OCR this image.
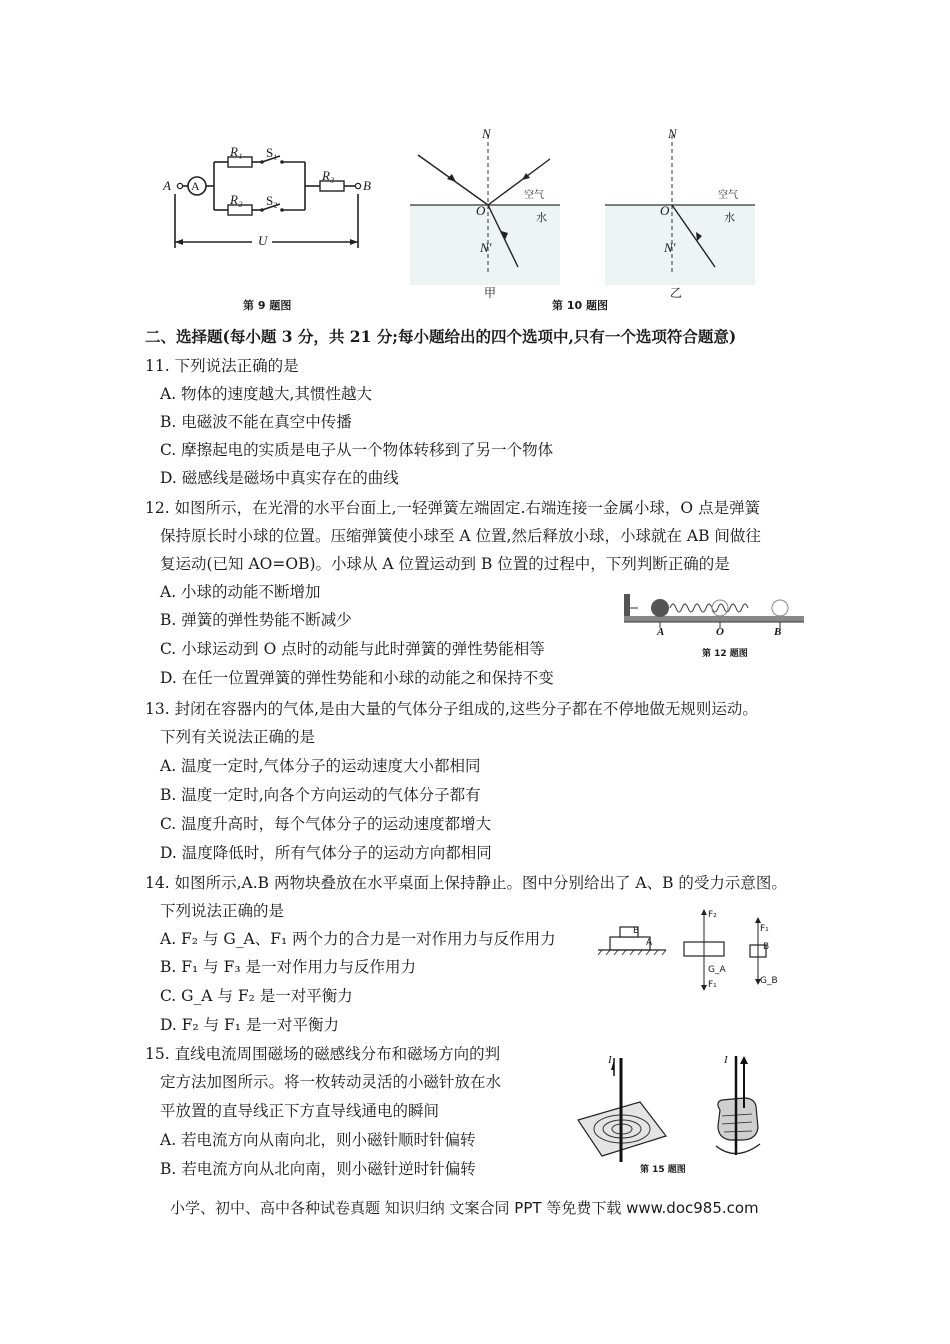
A
A	B
R₁
R₂
R₃
S₁
S₂
U
第 9 题图
N
N′
O
空气
水
N
N′
O
空气
水
甲	乙
第 10 题图
二、选择题(每小题 3 分，共 21 分;每小题给出的四个选项中,只有一个选项符合题意)
11. 下列说法正确的是
A. 物体的速度越大,其惯性越大
B. 电磁波不能在真空中传播
C. 摩擦起电的实质是电子从一个物体转移到了另一个物体
D. 磁感线是磁场中真实存在的曲线
12. 如图所示，在光滑的水平台面上,一轻弹簧左端固定.右端连接一金属小球，O 点是弹簧
保持原长时小球的位置。压缩弹簧使小球至 A 位置,然后释放小球，小球就在 AB 间做往
复运动(已知 AO=OB)。小球从 A 位置运动到 B 位置的过程中，下列判断正确的是
A. 小球的动能不断增加
B. 弹簧的弹性势能不断减少
C. 小球运动到 O 点时的动能与此时弹簧的弹性势能相等
D. 在任一位置弹簧的弹性势能和小球的动能之和保持不变
A	O	B
第 12 题图
13. 封闭在容器内的气体,是由大量的气体分子组成的,这些分子都在不停地做无规则运动。
下列有关说法正确的是
A. 温度一定时,气体分子的运动速度大小都相同
B. 温度一定时,向各个方向运动的气体分子都有
C. 温度升高时，每个气体分子的运动速度都增大
D. 温度降低时，所有气体分子的运动方向都相同
14. 如图所示,A.B 两物块叠放在水平桌面上保持静止。图中分别给出了 A、B 的受力示意图。
下列说法正确的是
A. F₂ 与 G_A、F₁ 两个力的合力是一对作用力与反作用力
B. F₁ 与 F₃ 是一对作用力与反作用力
C. G_A 与 F₂ 是一对平衡力
D. F₂ 与 F₁ 是一对平衡力
B
A
F₂
G_A
F₁
F₁
B
G_B
15. 直线电流周围磁场的磁感线分布和磁场方向的判
定方法加图所示。将一枚转动灵活的小磁针放在水
平放置的直导线正下方直导线通电的瞬间
A. 若电流方向从南向北，则小磁针顺时针偏转
B. 若电流方向从北向南，则小磁针逆时针偏转
I	I
第 15 题图
小学、初中、高中各种试卷真题 知识归纳 文案合同 PPT 等免费下载 www.doc985.com
